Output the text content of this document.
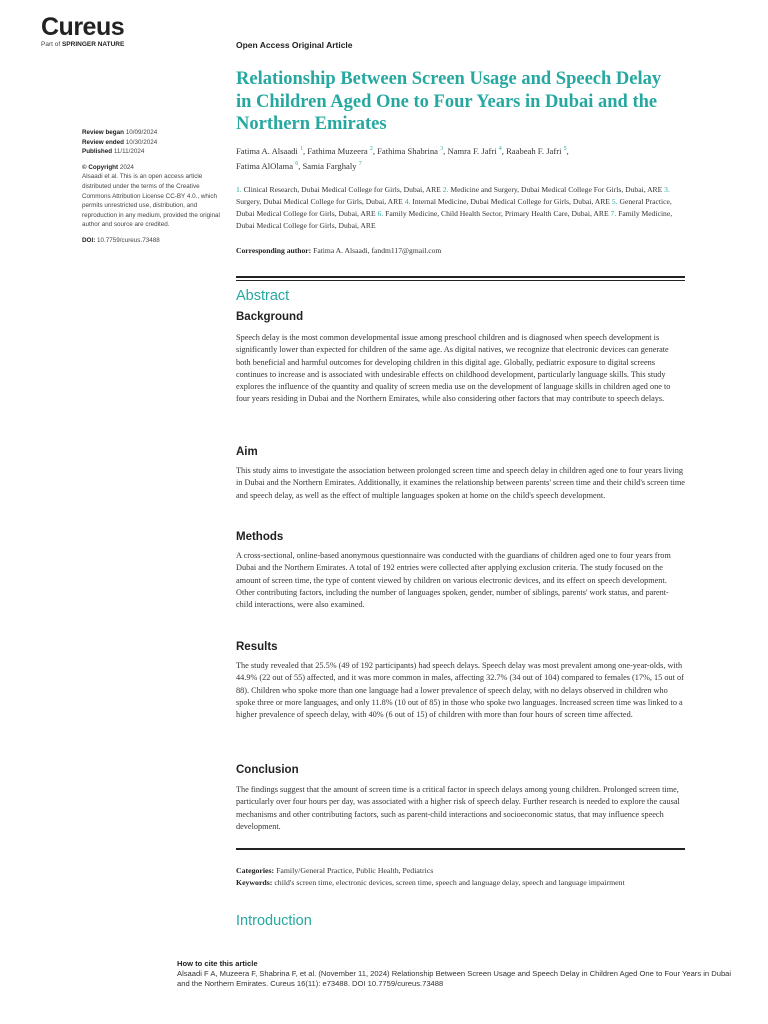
Cureus
Part of SPRINGER NATURE	Open Access Original Article
Relationship Between Screen Usage and Speech Delay in Children Aged One to Four Years in Dubai and the Northern Emirates
Review began 10/09/2024
Review ended 10/30/2024
Published 11/11/2024
© Copyright 2024

Alsaadi et al. This is an open access article distributed under the terms of the Creative Commons Attribution License CC-BY 4.0., which permits unrestricted use, distribution, and reproduction in any medium, provided the original author and source are credited.

DOI: 10.7759/cureus.73488
Fatima A. Alsaadi $^1$, Fathima Muzeera $^2$, Fathima Shabrina $^3$, Namra F. Jafri $^4$, Raabeah F. Jafri $^5$,
Fatima AlOlama $^6$, Samia Farghaly $^7$
1. Clinical Research, Dubai Medical College for Girls, Dubai, ARE 2. Medicine and Surgery, Dubai Medical College For Girls, Dubai, ARE 3. Surgery, Dubai Medical College for Girls, Dubai, ARE 4. Internal Medicine, Dubai Medical College for Girls, Dubai, ARE 5. General Practice, Dubai Medical College for Girls, Dubai, ARE 6. Family Medicine, Child Health Sector, Primary Health Care, Dubai, ARE 7. Family Medicine, Dubai Medical College for Girls, Dubai, ARE
Corresponding author: Fatima A. Alsaadi, fandm117@gmail.com
Abstract
Background

Speech delay is the most common developmental issue among preschool children and is diagnosed when speech development is significantly lower than expected for children of the same age. As digital natives, we recognize that electronic devices can generate both beneficial and harmful outcomes for developing children in this digital age. Globally, pediatric exposure to digital screens continues to increase and is associated with undesirable effects on childhood development, particularly language skills. This study explores the influence of the quantity and quality of screen media use on the development of language skills in children aged one to four years residing in Dubai and the Northern Emirates, while also considering other factors that may contribute to speech delays.

Aim

This study aims to investigate the association between prolonged screen time and speech delay in children aged one to four years living in Dubai and the Northern Emirates. Additionally, it examines the relationship between parents' screen time and their child's screen time and speech delay, as well as the effect of multiple languages spoken at home on the child's speech development.

Methods

A cross-sectional, online-based anonymous questionnaire was conducted with the guardians of children aged one to four years from Dubai and the Northern Emirates. A total of 192 entries were collected after applying exclusion criteria. The study focused on the amount of screen time, the type of content viewed by children on various electronic devices, and its effect on speech development. Other contributing factors, including the number of languages spoken, gender, number of siblings, parents' work status, and parent-child interactions, were also examined.

Results

The study revealed that 25.5% (49 of 192 participants) had speech delays. Speech delay was most prevalent among one-year-olds, with 44.9% (22 out of 55) affected, and it was more common in males, affecting 32.7% (34 out of 104) compared to females (17%, 15 out of 88). Children who spoke more than one language had a lower prevalence of speech delay, with no delays observed in children who spoke three or more languages, and only 11.8% (10 out of 85) in those who spoke two languages. Increased screen time was linked to a higher prevalence of speech delay, with 40% (6 out of 15) of children with more than four hours of screen time affected.

Conclusion

The findings suggest that the amount of screen time is a critical factor in speech delays among young children. Prolonged screen time, particularly over four hours per day, was associated with a higher risk of speech delay. Further research is needed to explore the causal mechanisms and other contributing factors, such as parent-child interactions and socioeconomic status, that may influence speech development.

Categories: Family/General Practice, Public Health, Pediatrics
Keywords: child's screen time, electronic devices, screen time, speech and language delay, speech and language impairment
Introduction
How to cite this article
Alsaadi F A, Muzeera F, Shabrina F, et al. (November 11, 2024) Relationship Between Screen Usage and Speech Delay in Children Aged One to Four Years in Dubai and the Northern Emirates. Cureus 16(11): e73488. DOI 10.7759/cureus.73488
